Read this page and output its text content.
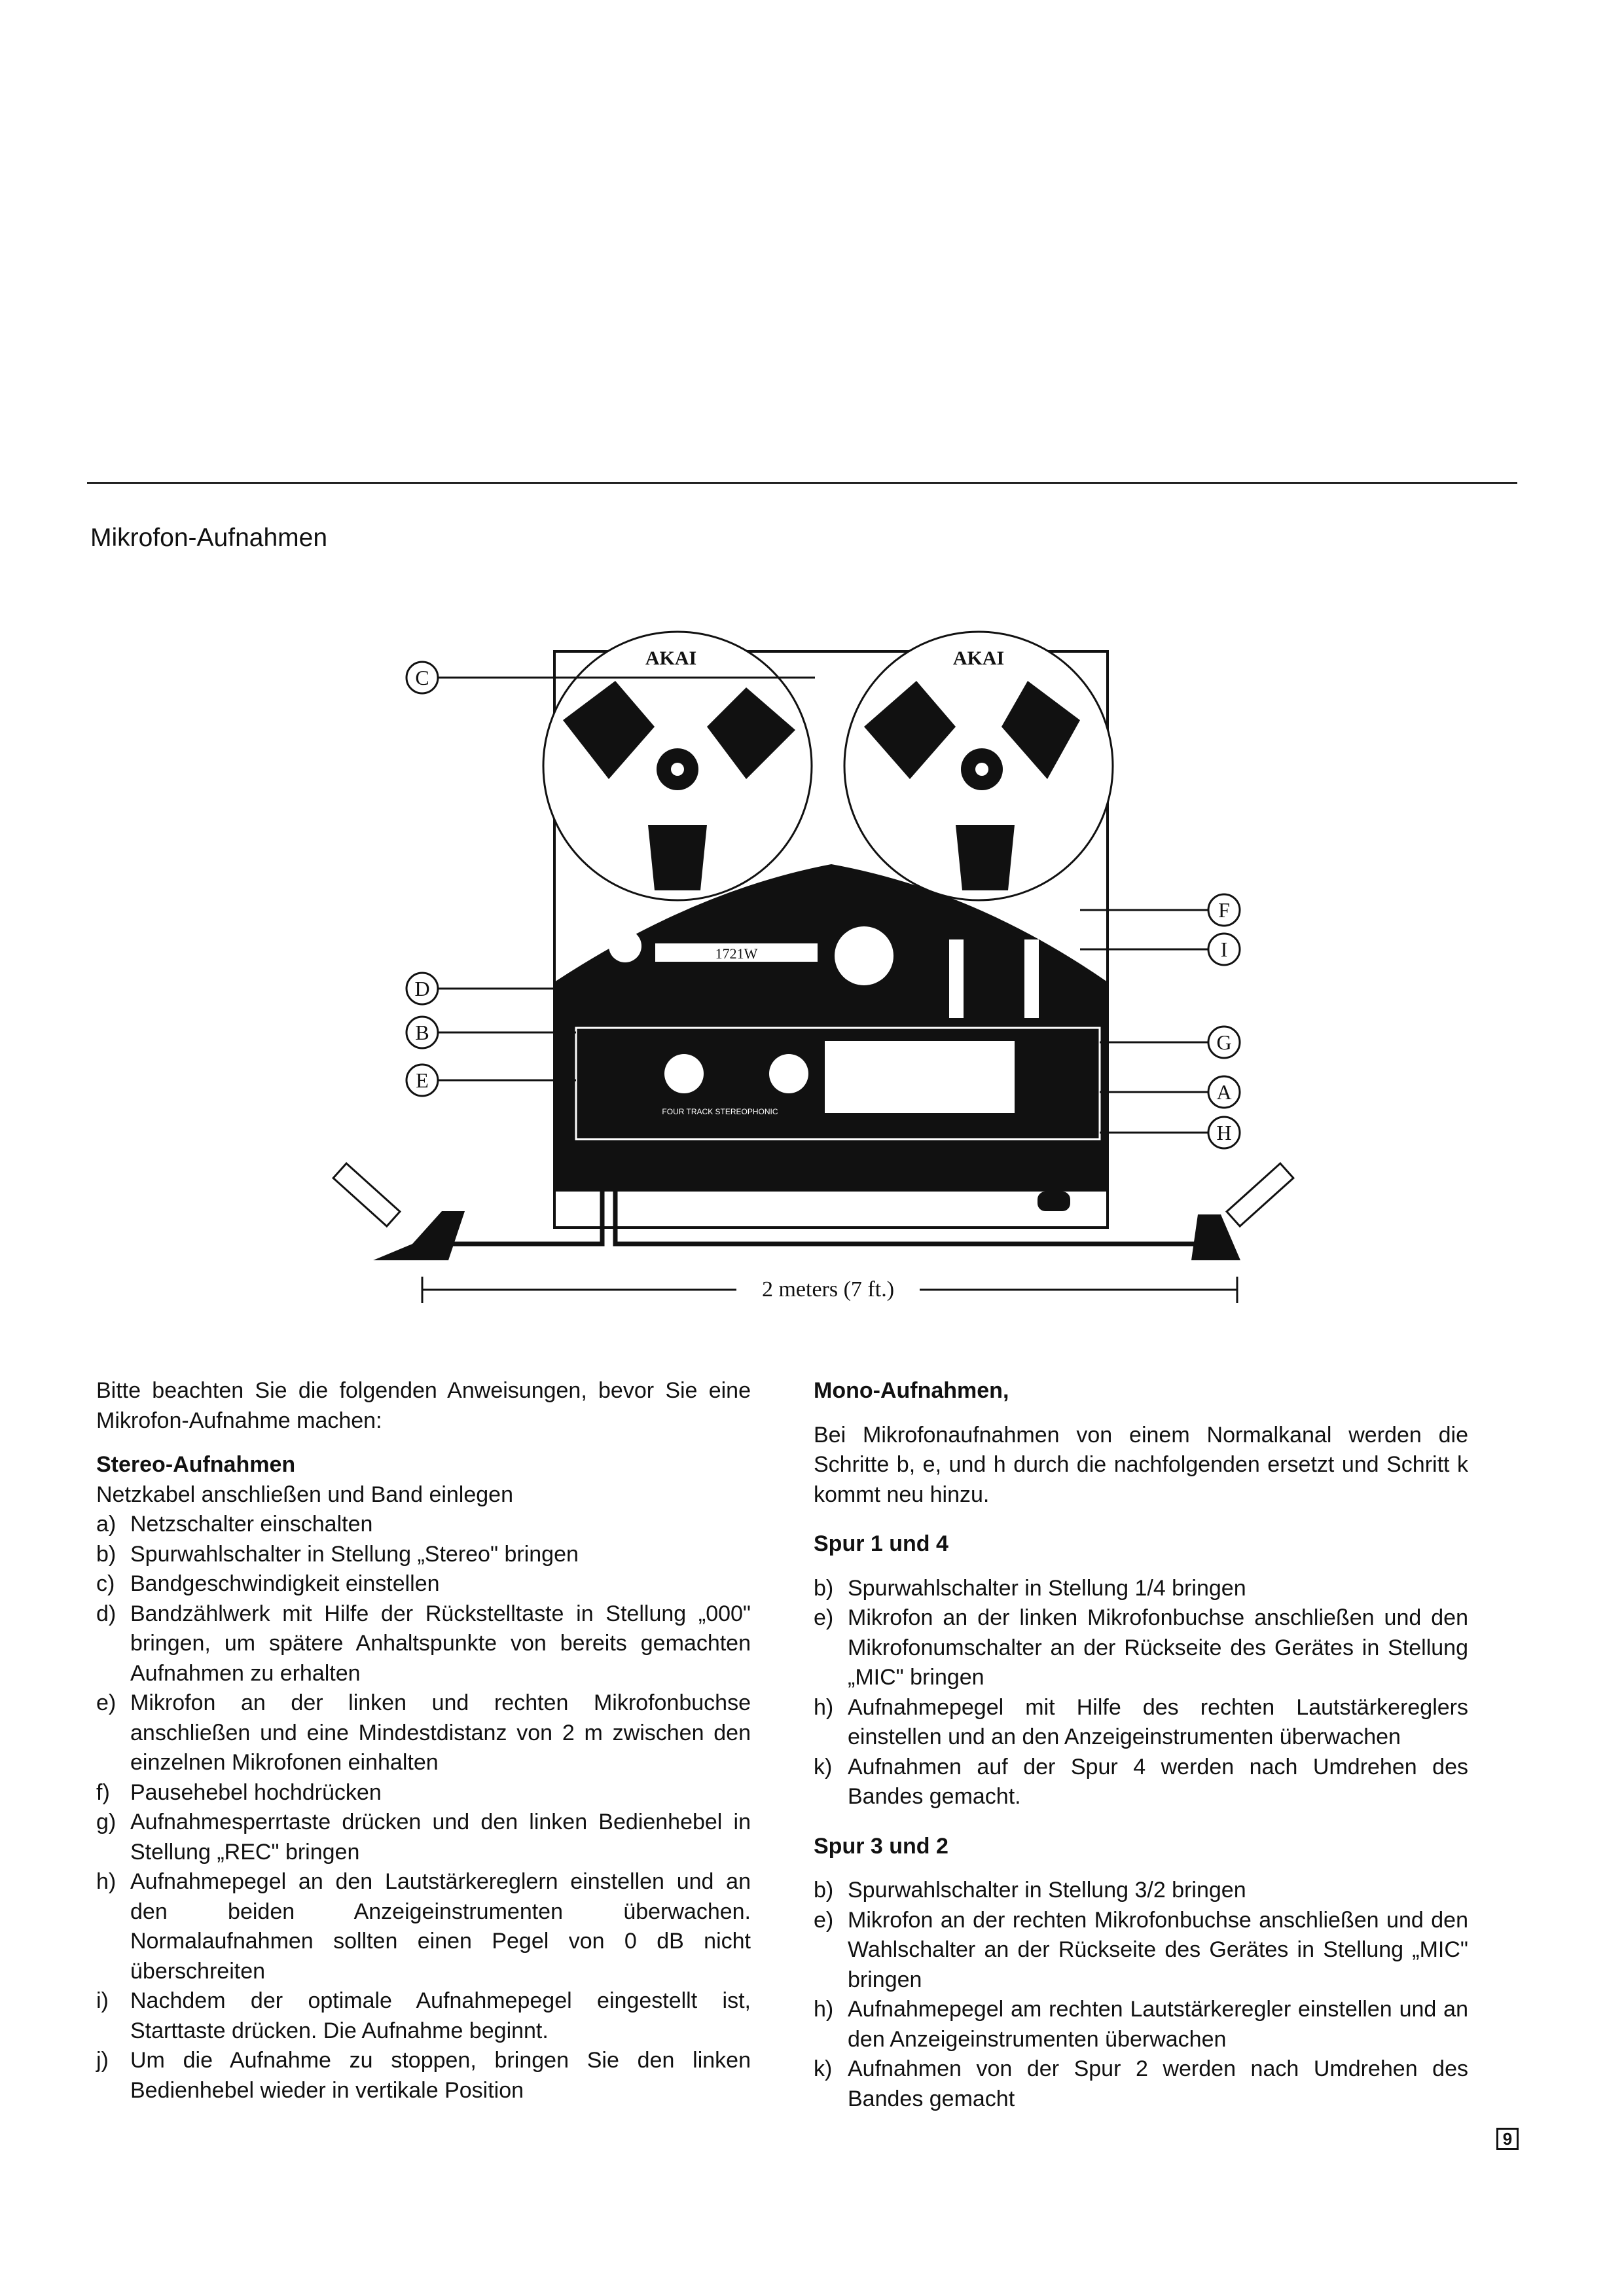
Mikrofon-Aufnahmen
AKAI	AKAI
1721W
FOUR TRACK STEREOPHONIC
2 meters (7 ft.)
C
D
B
E
F
I
G
A
H

Bitte beachten Sie die folgenden Anweisungen, bevor Sie eine Mikrofon-Aufnahme machen:

Stereo-Aufnahmen

Netzkabel anschließen und Band einlegen

a) Netzschalter einschalten
b) Spurwahlschalter in Stellung „Stereo" bringen
c) Bandgeschwindigkeit einstellen
d) Bandzählwerk mit Hilfe der Rückstelltaste in Stellung „000" bringen, um spätere Anhaltspunkte von bereits gemachten Aufnahmen zu erhalten
e) Mikrofon an der linken und rechten Mikrofonbuchse anschließen und eine Mindestdistanz von 2 m zwischen den einzelnen Mikrofonen einhalten
f) Pausehebel hochdrücken
g) Aufnahmesperrtaste drücken und den linken Bedienhebel in Stellung „REC" bringen
h) Aufnahmepegel an den Lautstärkereglern einstellen und an den beiden Anzeigeinstrumenten überwachen. Normalaufnahmen sollten einen Pegel von 0 dB nicht überschreiten
i) Nachdem der optimale Aufnahmepegel eingestellt ist, Starttaste drücken. Die Aufnahme beginnt.
j) Um die Aufnahme zu stoppen, bringen Sie den linken Bedienhebel wieder in vertikale Position

Mono-Aufnahmen,

Bei Mikrofonaufnahmen von einem Normalkanal werden die Schritte b, e, und h durch die nachfolgenden ersetzt und Schritt k kommt neu hinzu.

Spur 1 und 4

b) Spurwahlschalter in Stellung 1/4 bringen
e) Mikrofon an der linken Mikrofonbuchse anschließen und den Mikrofonumschalter an der Rückseite des Gerätes in Stellung „MIC" bringen
h) Aufnahmepegel mit Hilfe des rechten Lautstärkereglers einstellen und an den Anzeigeinstrumenten überwachen
k) Aufnahmen auf der Spur 4 werden nach Umdrehen des Bandes gemacht.

Spur 3 und 2

b) Spurwahlschalter in Stellung 3/2 bringen
e) Mikrofon an der rechten Mikrofonbuchse anschließen und den Wahlschalter an der Rückseite des Gerätes in Stellung „MIC" bringen
h) Aufnahmepegel am rechten Lautstärkeregler einstellen und an den Anzeigeinstrumenten überwachen
k) Aufnahmen von der Spur 2 werden nach Umdrehen des Bandes gemacht
9
